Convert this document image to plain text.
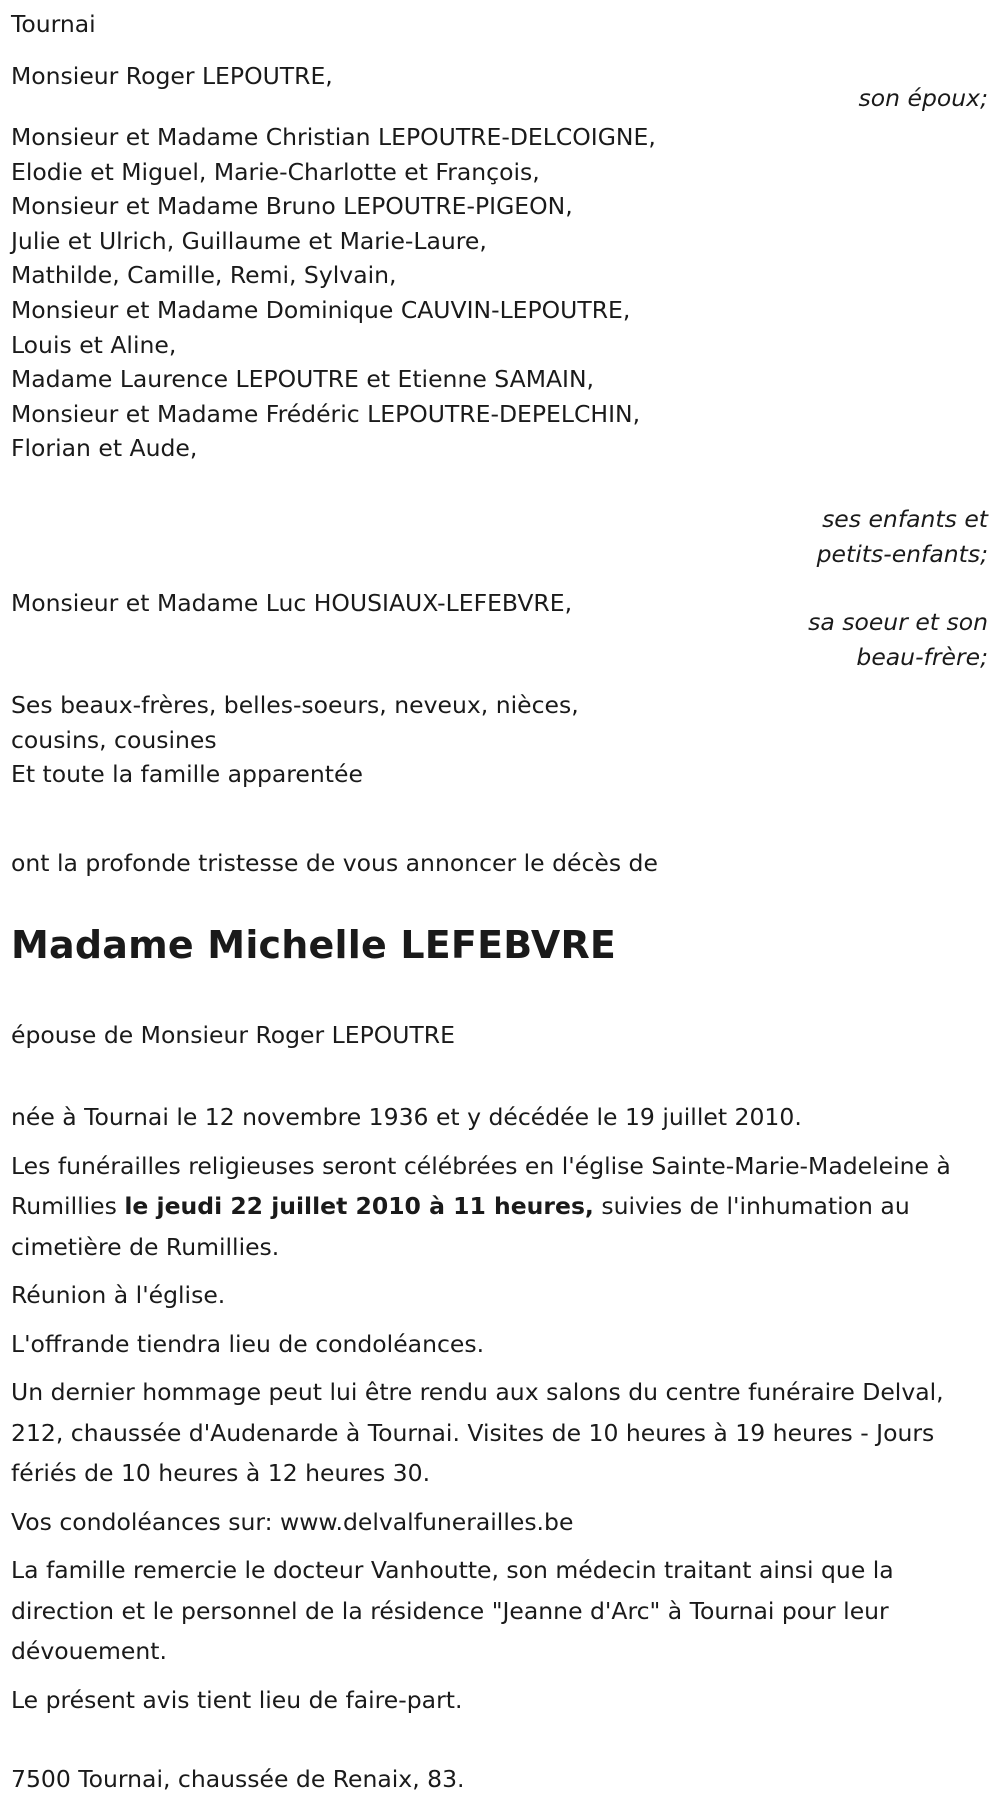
Tournai
Monsieur Roger LEPOUTRE,
son époux;
Monsieur et Madame Christian LEPOUTRE-DELCOIGNE,
Elodie et Miguel, Marie-Charlotte et François,
Monsieur et Madame Bruno LEPOUTRE-PIGEON,
Julie et Ulrich, Guillaume et Marie-Laure,
Mathilde, Camille, Remi, Sylvain,
Monsieur et Madame Dominique CAUVIN-LEPOUTRE,
Louis et Aline,
Madame Laurence LEPOUTRE et Etienne SAMAIN,
Monsieur et Madame Frédéric LEPOUTRE-DEPELCHIN,
Florian et Aude,
ses enfants et
petits-enfants;
Monsieur et Madame Luc HOUSIAUX-LEFEBVRE,
sa soeur et son
beau-frère;
Ses beaux-frères, belles-soeurs, neveux, nièces,
cousins, cousines
Et toute la famille apparentée
ont la profonde tristesse de vous annoncer le décès de
Madame Michelle LEFEBVRE
épouse de Monsieur Roger LEPOUTRE

née à Tournai le 12 novembre 1936 et y décédée le 19 juillet 2010.

Les funérailles religieuses seront célébrées en l'église Sainte-Marie-Madeleine à Rumillies le jeudi 22 juillet 2010 à 11 heures, suivies de l'inhumation au cimetière de Rumillies.

Réunion à l'église.

L'offrande tiendra lieu de condoléances.

Un dernier hommage peut lui être rendu aux salons du centre funéraire Delval, 212, chaussée d'Audenarde à Tournai. Visites de 10 heures à 19 heures - Jours fériés de 10 heures à 12 heures 30.

Vos condoléances sur: www.delvalfunerailles.be

La famille remercie le docteur Vanhoutte, son médecin traitant ainsi que la direction et le personnel de la résidence "Jeanne d'Arc" à Tournai pour leur dévouement.

Le présent avis tient lieu de faire-part.

7500 Tournai, chaussée de Renaix, 83.
